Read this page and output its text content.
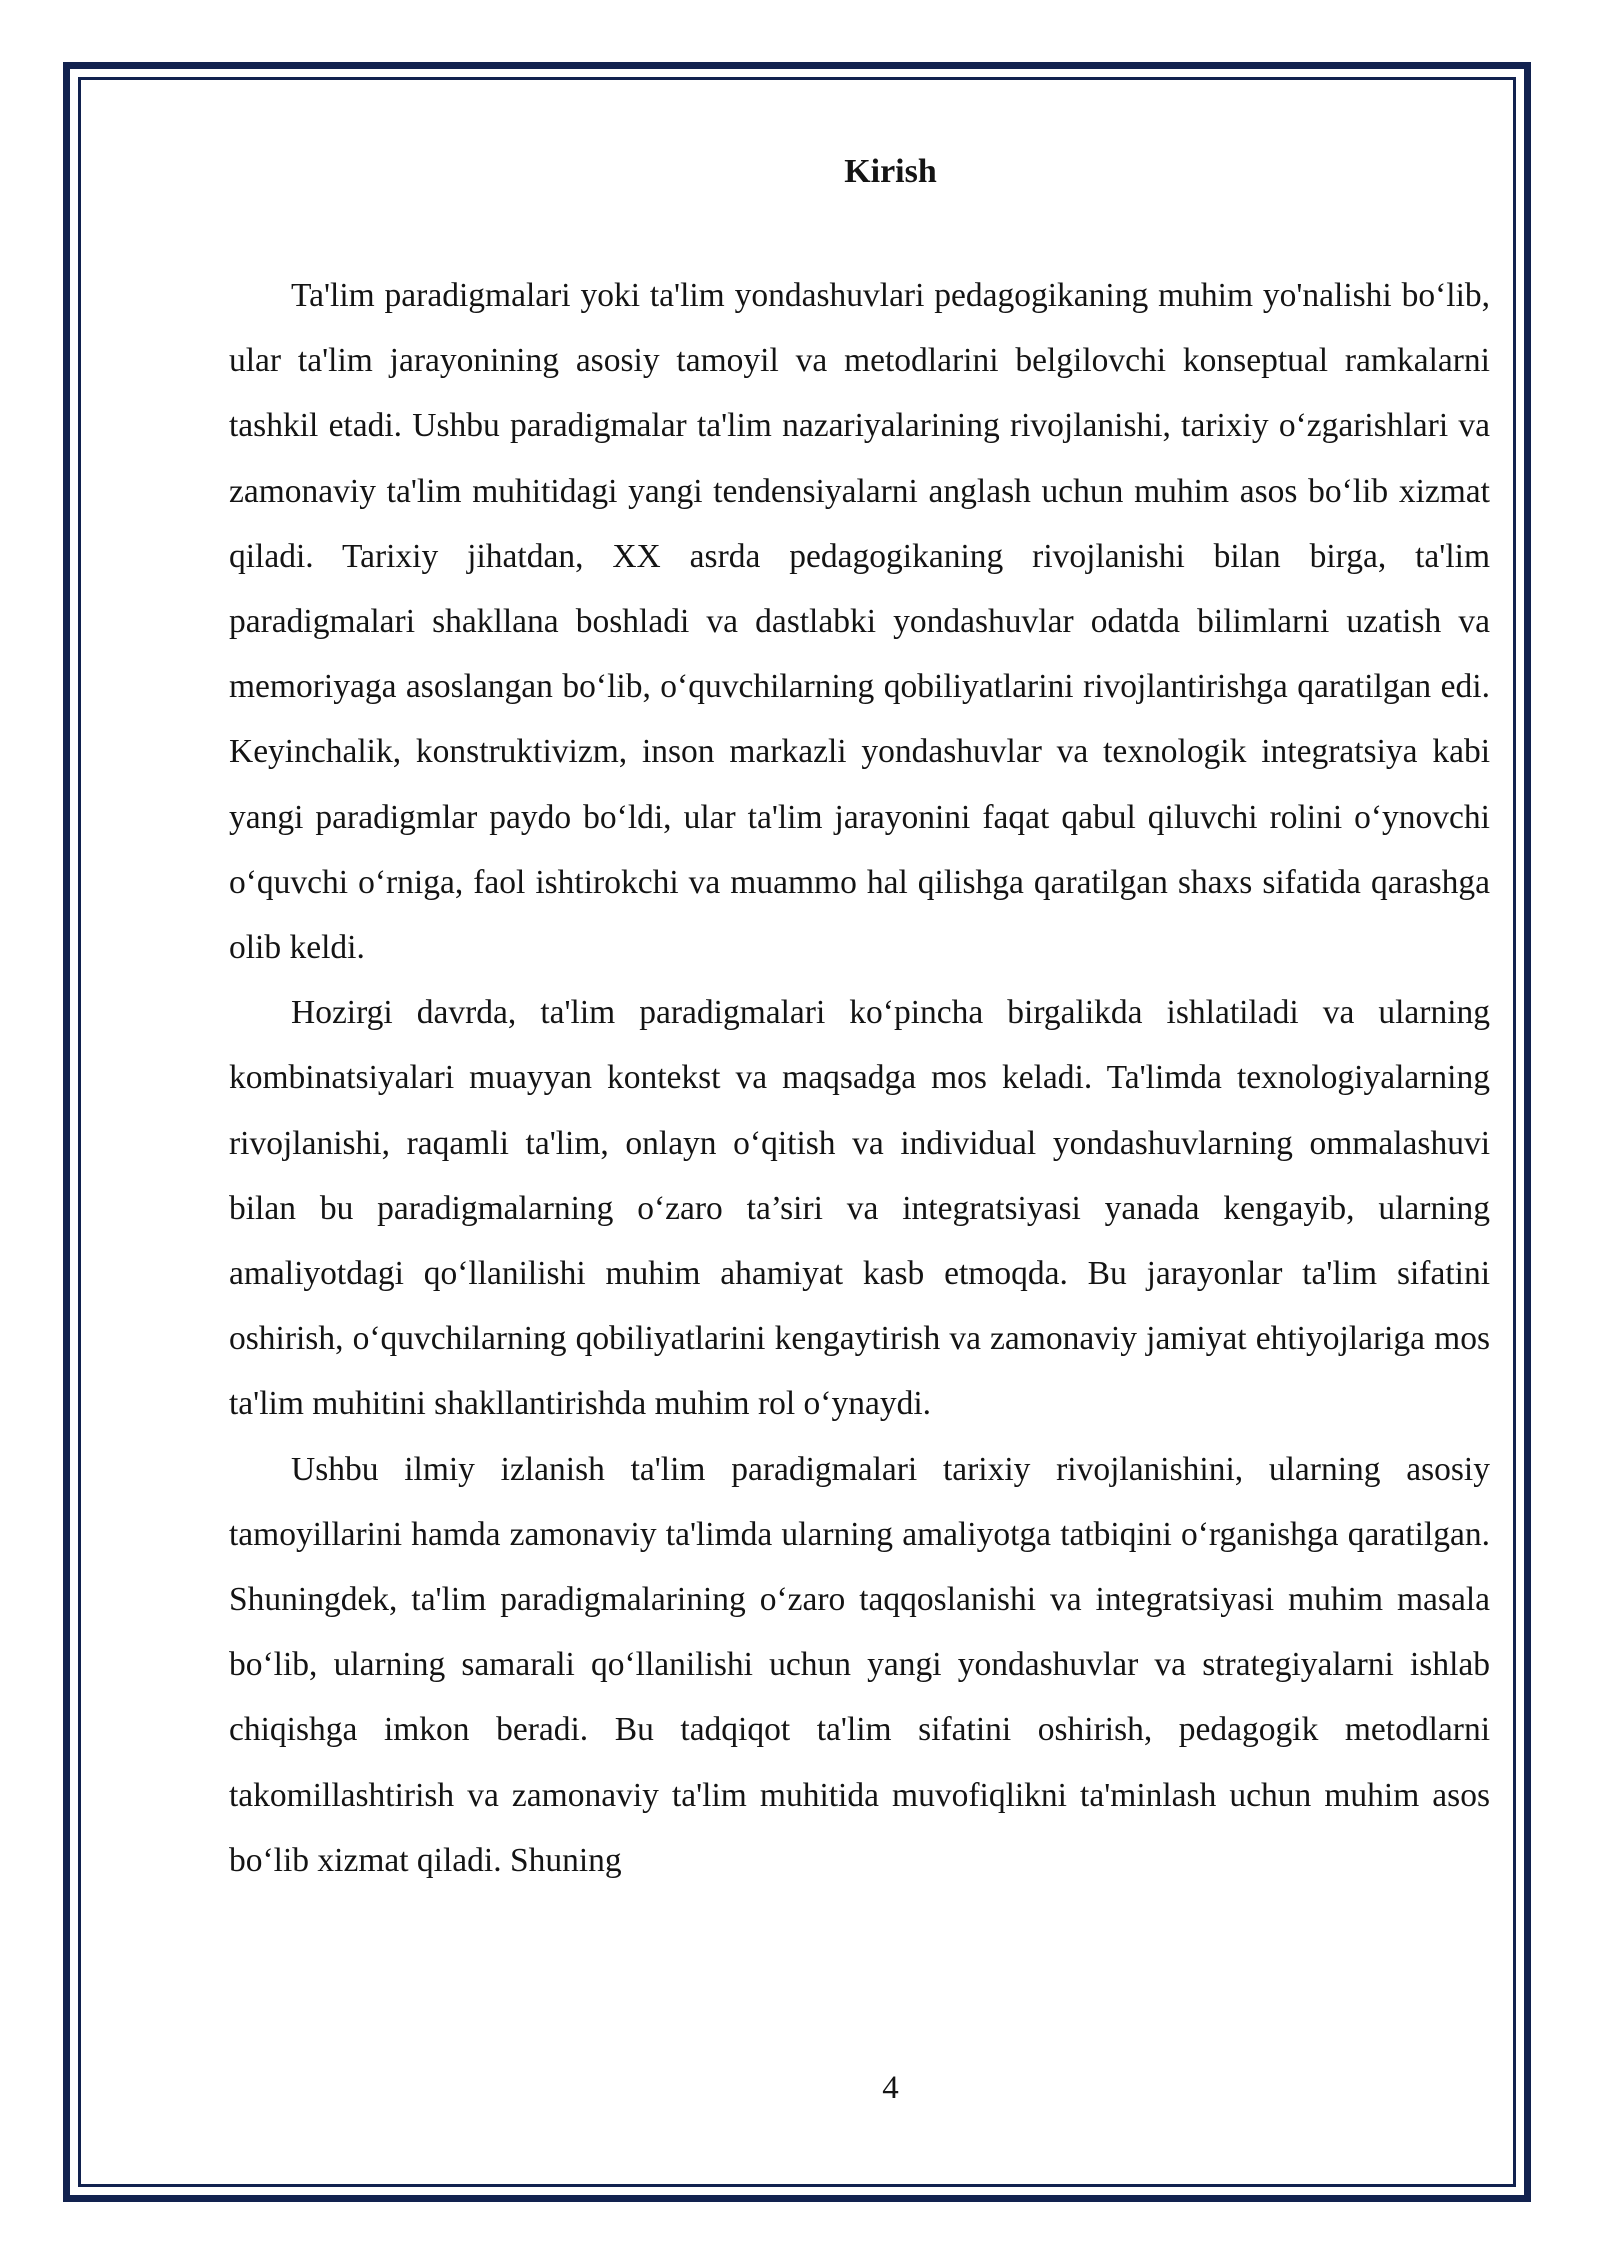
Kirish

Ta'lim paradigmalari yoki ta'lim yondashuvlari pedagogikaning muhim yo'nalishi boʻlib, ular ta'lim jarayonining asosiy tamoyil va metodlarini belgilovchi konseptual ramkalarni tashkil etadi. Ushbu paradigmalar ta'lim nazariyalarining rivojlanishi, tarixiy oʻzgarishlari va zamonaviy ta'lim muhitidagi yangi tendensiyalarni anglash uchun muhim asos boʻlib xizmat qiladi. Tarixiy jihatdan, XX asrda pedagogikaning rivojlanishi bilan birga, ta'lim paradigmalari shakllana boshladi va dastlabki yondashuvlar odatda bilimlarni uzatish va memoriyaga asoslangan boʻlib, oʻquvchilarning qobiliyatlarini rivojlantirishga qaratilgan edi. Keyinchalik, konstruktivizm, inson markazli yondashuvlar va texnologik integratsiya kabi yangi paradigmlar paydo boʻldi, ular ta'lim jarayonini faqat qabul qiluvchi rolini oʻynovchi oʻquvchi oʻrniga, faol ishtirokchi va muammo hal qilishga qaratilgan shaxs sifatida qarashga olib keldi.

Hozirgi davrda, ta'lim paradigmalari koʻpincha birgalikda ishlatiladi va ularning kombinatsiyalari muayyan kontekst va maqsadga mos keladi. Ta'limda texnologiyalarning rivojlanishi, raqamli ta'lim, onlayn oʻqitish va individual yondashuvlarning ommalashuvi bilan bu paradigmalarning oʻzaro ta’siri va integratsiyasi yanada kengayib, ularning amaliyotdagi qoʻllanilishi muhim ahamiyat kasb etmoqda. Bu jarayonlar ta'lim sifatini oshirish, oʻquvchilarning qobiliyatlarini kengaytirish va zamonaviy jamiyat ehtiyojlariga mos ta'lim muhitini shakllantirishda muhim rol oʻynaydi.

Ushbu ilmiy izlanish ta'lim paradigmalari tarixiy rivojlanishini, ularning asosiy tamoyillarini hamda zamonaviy ta'limda ularning amaliyotga tatbiqini oʻrganishga qaratilgan. Shuningdek, ta'lim paradigmalarining oʻzaro taqqoslanishi va integratsiyasi muhim masala boʻlib, ularning samarali qoʻllanilishi uchun yangi yondashuvlar va strategiyalarni ishlab chiqishga imkon beradi. Bu tadqiqot ta'lim sifatini oshirish, pedagogik metodlarni takomillashtirish va zamonaviy ta'lim muhitida muvofiqlikni ta'minlash uchun muhim asos boʻlib xizmat qiladi. Shuning

4
